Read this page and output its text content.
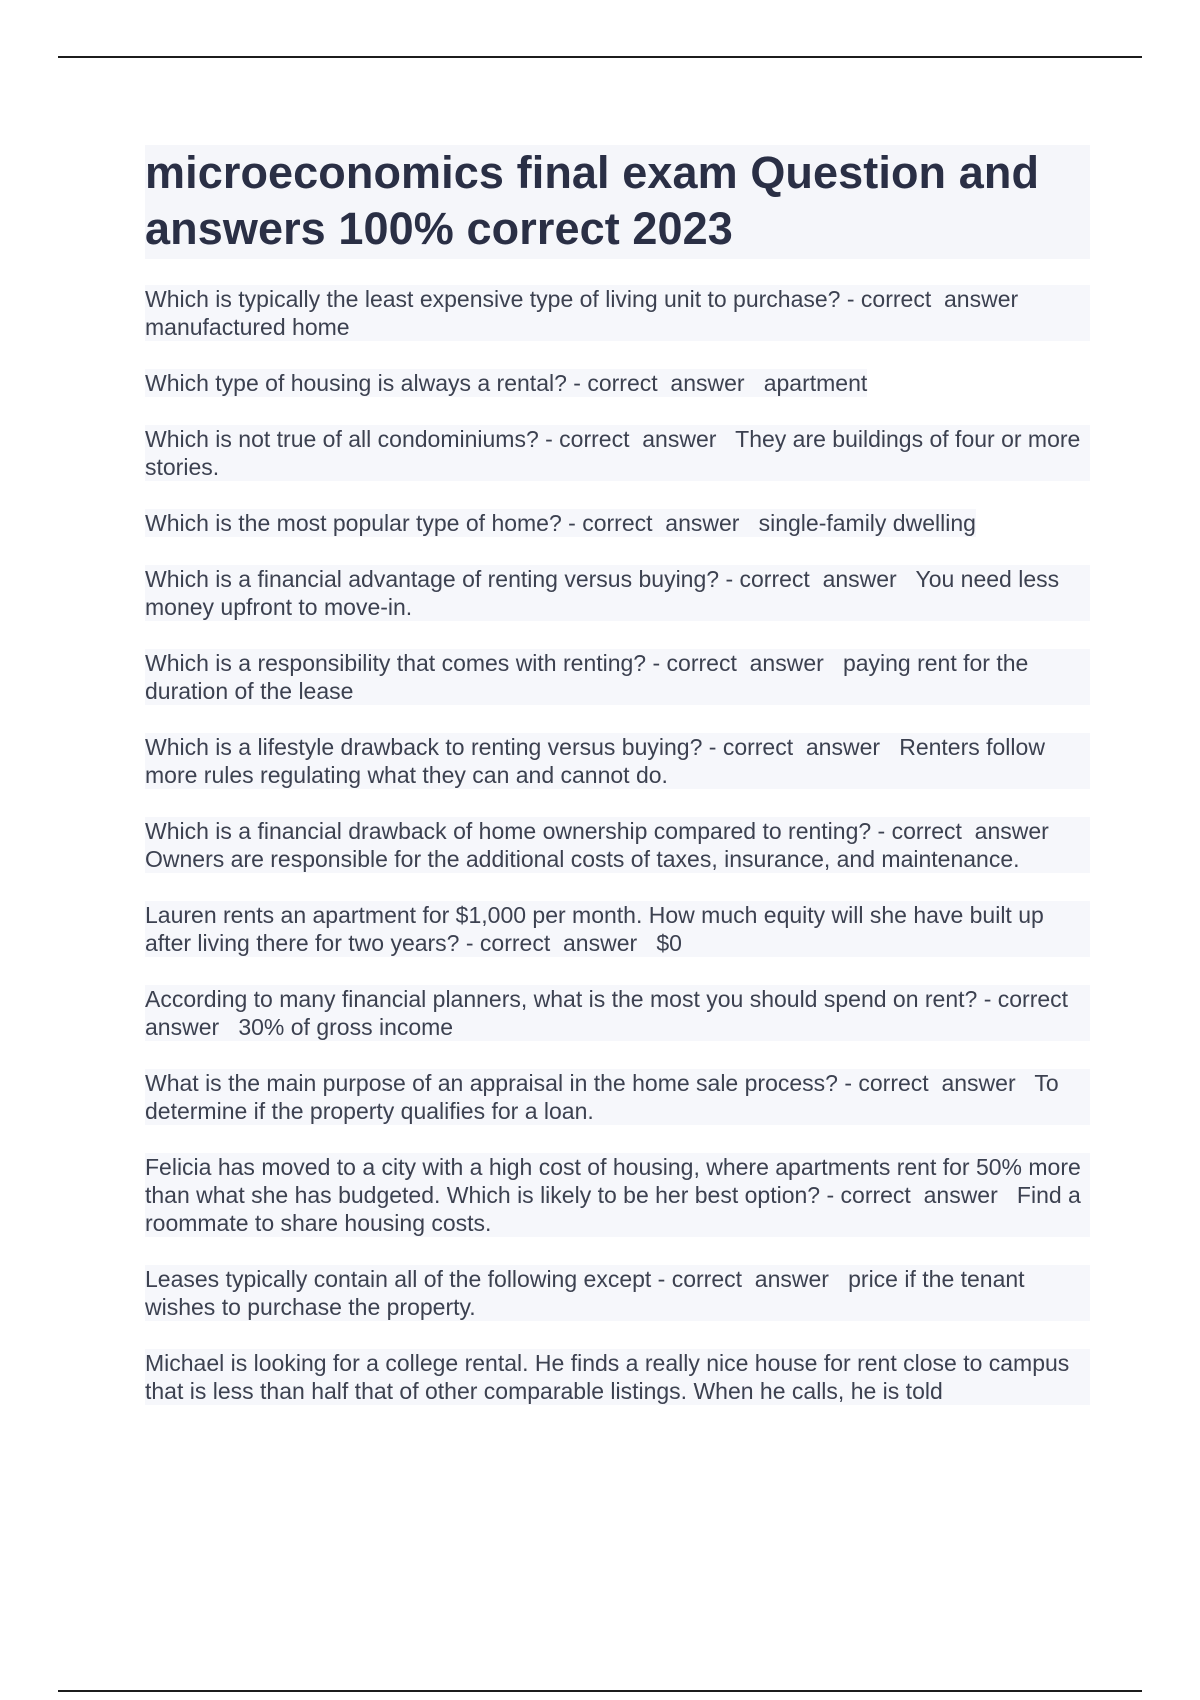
microeconomics final exam Question and answers 100% correct 2023

Which is typically the least expensive type of living unit to purchase? - correct  answer   manufactured home

Which type of housing is always a rental? - correct  answer   apartment

Which is not true of all condominiums? - correct  answer   They are buildings of four or more stories.

Which is the most popular type of home? - correct  answer   single-family dwelling

Which is a financial advantage of renting versus buying? - correct  answer   You need less money upfront to move-in.

Which is a responsibility that comes with renting? - correct  answer   paying rent for the duration of the lease

Which is a lifestyle drawback to renting versus buying? - correct  answer   Renters follow more rules regulating what they can and cannot do.

Which is a financial drawback of home ownership compared to renting? - correct  answer   Owners are responsible for the additional costs of taxes, insurance, and maintenance.

Lauren rents an apartment for $1,000 per month. How much equity will she have built up after living there for two years? - correct  answer   $0

According to many financial planners, what is the most you should spend on rent? - correct  answer   30% of gross income

What is the main purpose of an appraisal in the home sale process? - correct  answer   To determine if the property qualifies for a loan.

Felicia has moved to a city with a high cost of housing, where apartments rent for 50% more than what she has budgeted. Which is likely to be her best option? - correct  answer   Find a roommate to share housing costs.

Leases typically contain all of the following except - correct  answer   price if the tenant wishes to purchase the property.

Michael is looking for a college rental. He finds a really nice house for rent close to campus that is less than half that of other comparable listings. When he calls, he is told
